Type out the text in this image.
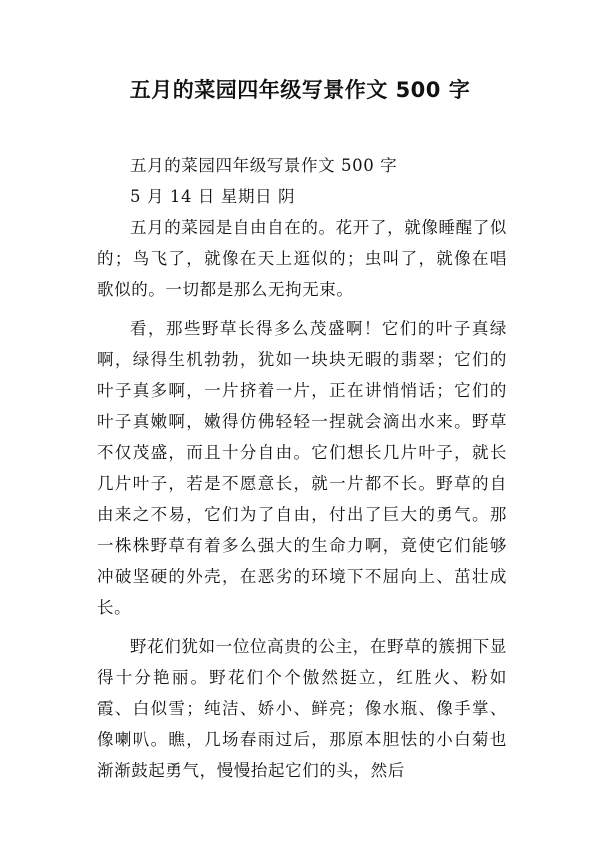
五月的菜园四年级写景作文 500 字

五月的菜园四年级写景作文 500 字

5 月 14 日 星期日 阴

五月的菜园是自由自在的。花开了，就像睡醒了似的；鸟飞了，就像在天上逛似的；虫叫了，就像在唱歌似的。一切都是那么无拘无束。

看，那些野草长得多么茂盛啊！它们的叶子真绿啊，绿得生机勃勃，犹如一块块无暇的翡翠；它们的叶子真多啊，一片挤着一片，正在讲悄悄话；它们的叶子真嫩啊，嫩得仿佛轻轻一捏就会滴出水来。野草不仅茂盛，而且十分自由。它们想长几片叶子，就长几片叶子，若是不愿意长，就一片都不长。野草的自由来之不易，它们为了自由，付出了巨大的勇气。那一株株野草有着多么强大的生命力啊，竟使它们能够冲破坚硬的外壳，在恶劣的环境下不屈向上、茁壮成长。

野花们犹如一位位高贵的公主，在野草的簇拥下显得十分艳丽。野花们个个傲然挺立，红胜火、粉如霞、白似雪；纯洁、娇小、鲜亮；像水瓶、像手掌、像喇叭。瞧，几场春雨过后，那原本胆怯的小白菊也渐渐鼓起勇气，慢慢抬起它们的头，然后
